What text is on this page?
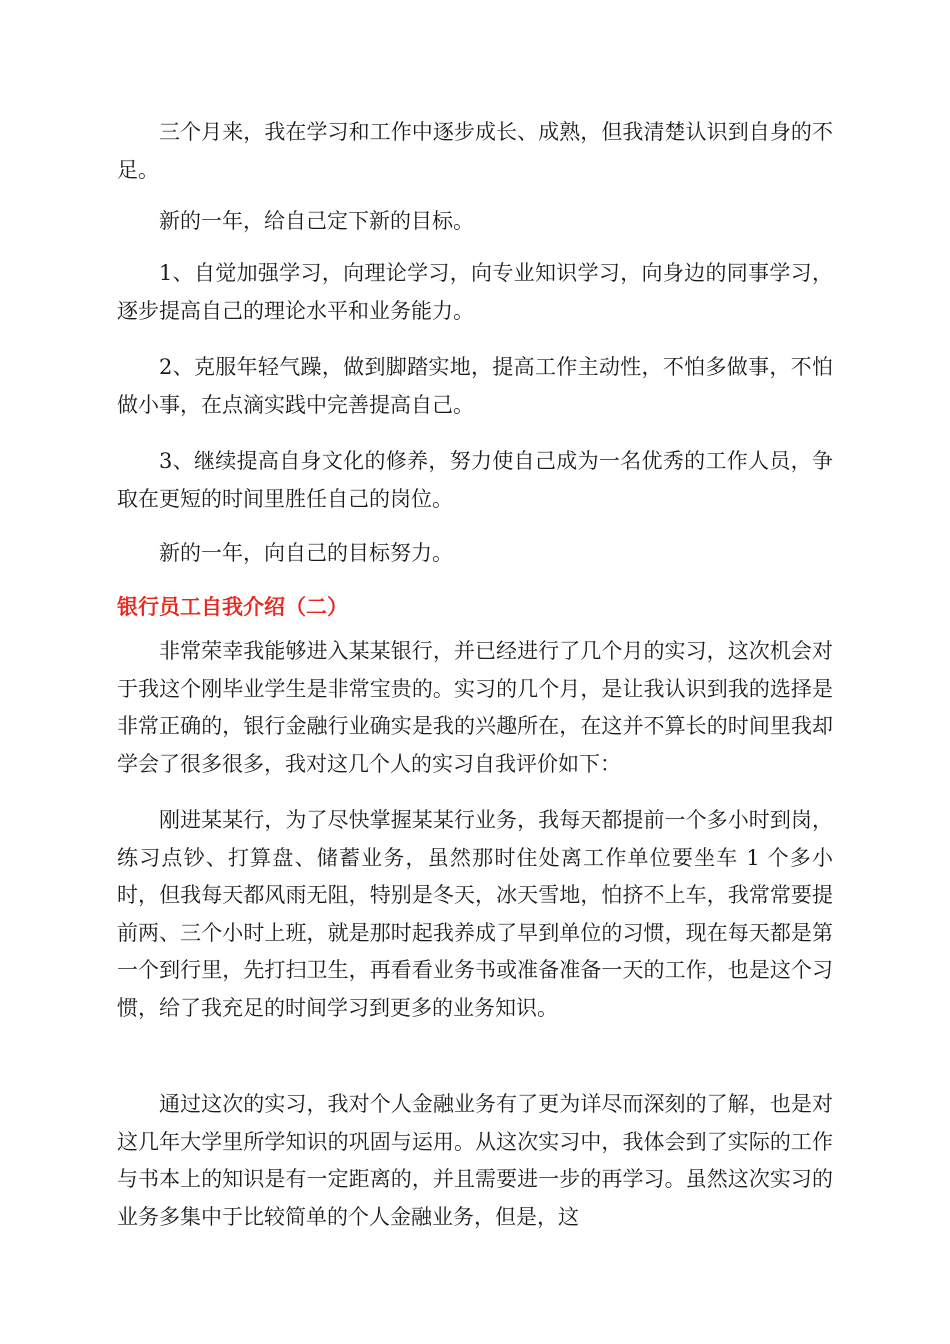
三个月来，我在学习和工作中逐步成长、成熟，但我清楚认识到自身的不足。

新的一年，给自己定下新的目标。

1、自觉加强学习，向理论学习，向专业知识学习，向身边的同事学习，逐步提高自己的理论水平和业务能力。

2、克服年轻气躁，做到脚踏实地，提高工作主动性，不怕多做事，不怕做小事，在点滴实践中完善提高自己。

3、继续提高自身文化的修养，努力使自己成为一名优秀的工作人员，争取在更短的时间里胜任自己的岗位。

新的一年，向自己的目标努力。

银行员工自我介绍（二）

非常荣幸我能够进入某某银行，并已经进行了几个月的实习，这次机会对于我这个刚毕业学生是非常宝贵的。实习的几个月，是让我认识到我的选择是非常正确的，银行金融行业确实是我的兴趣所在，在这并不算长的时间里我却学会了很多很多，我对这几个人的实习自我评价如下：

刚进某某行，为了尽快掌握某某行业务，我每天都提前一个多小时到岗，练习点钞、打算盘、储蓄业务，虽然那时住处离工作单位要坐车 1 个多小时，但我每天都风雨无阻，特别是冬天，冰天雪地，怕挤不上车，我常常要提前两、三个小时上班，就是那时起我养成了早到单位的习惯，现在每天都是第一个到行里，先打扫卫生，再看看业务书或准备准备一天的工作，也是这个习惯，给了我充足的时间学习到更多的业务知识。

通过这次的实习，我对个人金融业务有了更为详尽而深刻的了解，也是对这几年大学里所学知识的巩固与运用。从这次实习中，我体会到了实际的工作与书本上的知识是有一定距离的，并且需要进一步的再学习。虽然这次实习的业务多集中于比较简单的个人金融业务，但是，这
